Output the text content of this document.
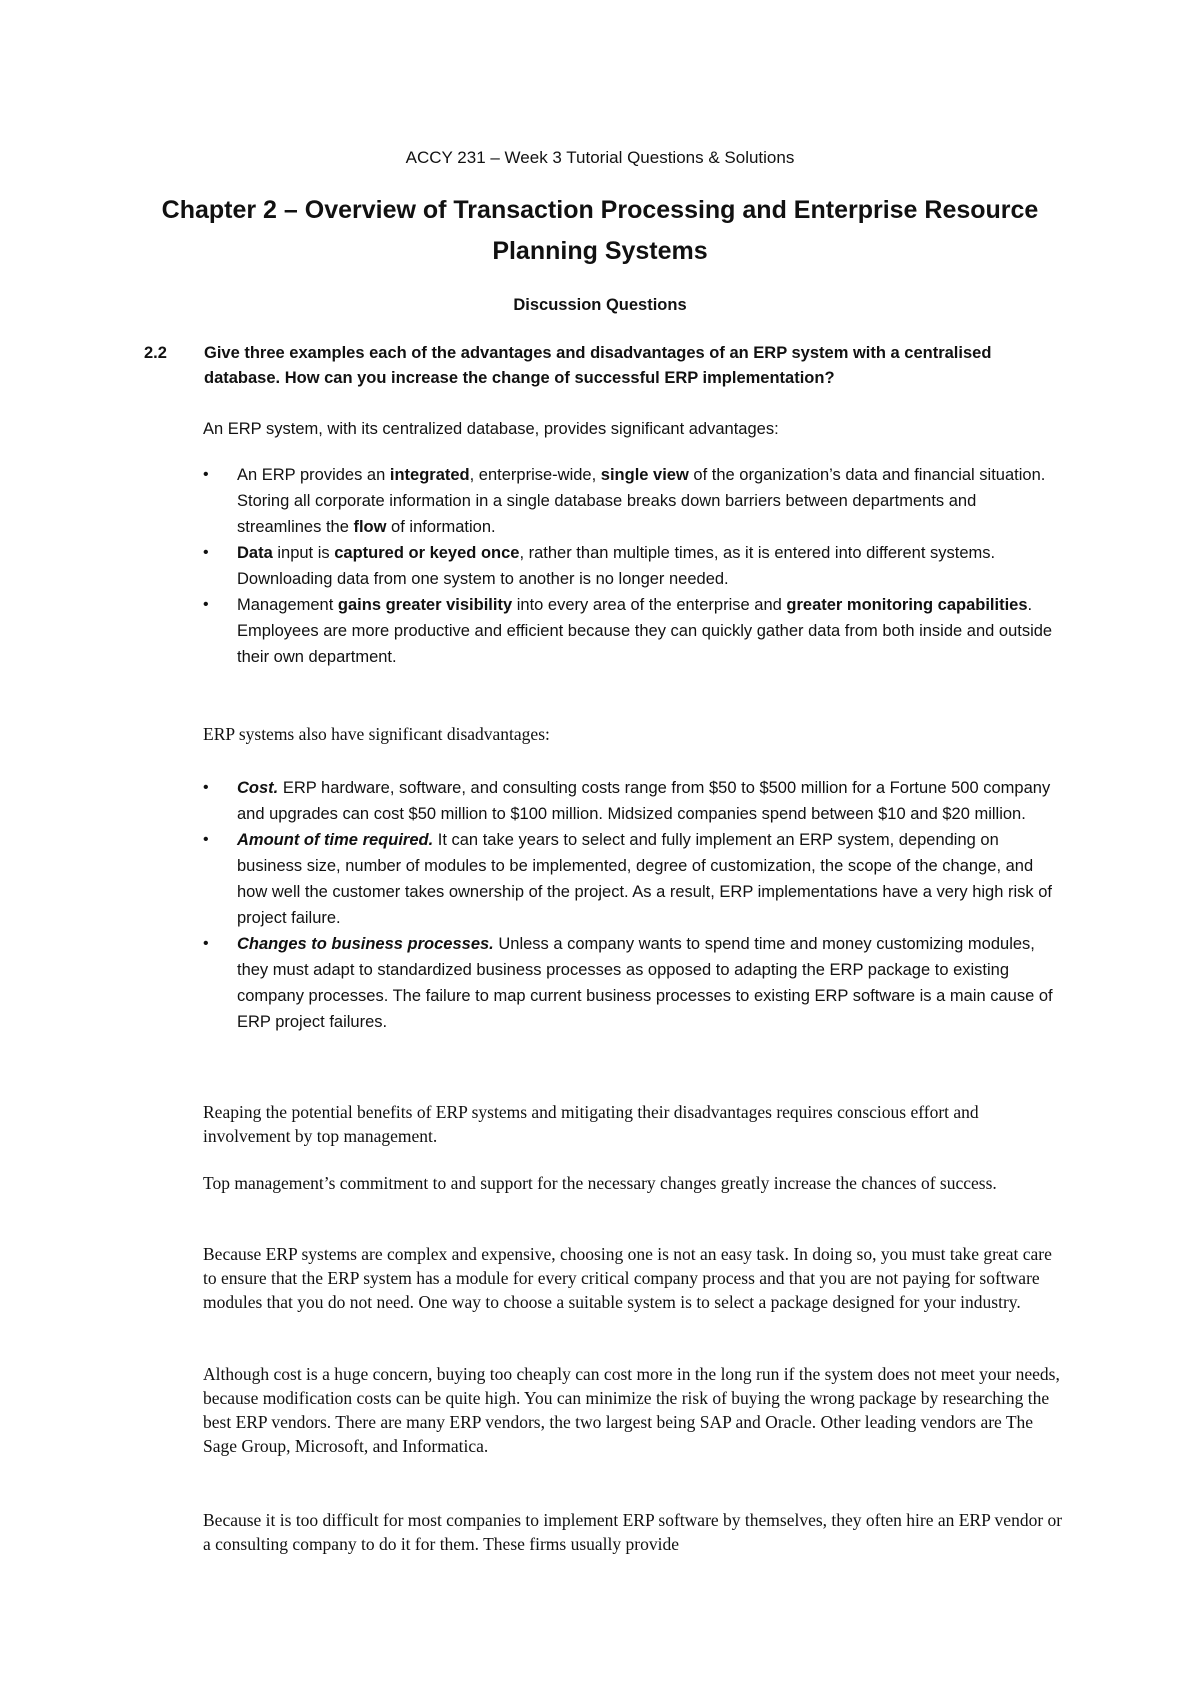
ACCY 231 – Week 3 Tutorial Questions & Solutions
Chapter 2 – Overview of Transaction Processing and Enterprise Resource Planning Systems
Discussion Questions
2.2 Give three examples each of the advantages and disadvantages of an ERP system with a centralised database. How can you increase the change of successful ERP implementation?
An ERP system, with its centralized database, provides significant advantages:
• An ERP provides an integrated, enterprise-wide, single view of the organization’s data and financial situation. Storing all corporate information in a single database breaks down barriers between departments and streamlines the flow of information.
• Data input is captured or keyed once, rather than multiple times, as it is entered into different systems. Downloading data from one system to another is no longer needed.
• Management gains greater visibility into every area of the enterprise and greater monitoring capabilities. Employees are more productive and efficient because they can quickly gather data from both inside and outside their own department.
ERP systems also have significant disadvantages:
• Cost. ERP hardware, software, and consulting costs range from $50 to $500 million for a Fortune 500 company and upgrades can cost $50 million to $100 million. Midsized companies spend between $10 and $20 million.
• Amount of time required. It can take years to select and fully implement an ERP system, depending on business size, number of modules to be implemented, degree of customization, the scope of the change, and how well the customer takes ownership of the project. As a result, ERP implementations have a very high risk of project failure.
• Changes to business processes. Unless a company wants to spend time and money customizing modules, they must adapt to standardized business processes as opposed to adapting the ERP package to existing company processes. The failure to map current business processes to existing ERP software is a main cause of ERP project failures.

Reaping the potential benefits of ERP systems and mitigating their disadvantages requires conscious effort and involvement by top management.

Top management’s commitment to and support for the necessary changes greatly increase the chances of success.

Because ERP systems are complex and expensive, choosing one is not an easy task. In doing so, you must take great care to ensure that the ERP system has a module for every critical company process and that you are not paying for software modules that you do not need. One way to choose a suitable system is to select a package designed for your industry.

Although cost is a huge concern, buying too cheaply can cost more in the long run if the system does not meet your needs, because modification costs can be quite high. You can minimize the risk of buying the wrong package by researching the best ERP vendors. There are many ERP vendors, the two largest being SAP and Oracle. Other leading vendors are The Sage Group, Microsoft, and Informatica.

Because it is too difficult for most companies to implement ERP software by themselves, they often hire an ERP vendor or a consulting company to do it for them. These firms usually provide
